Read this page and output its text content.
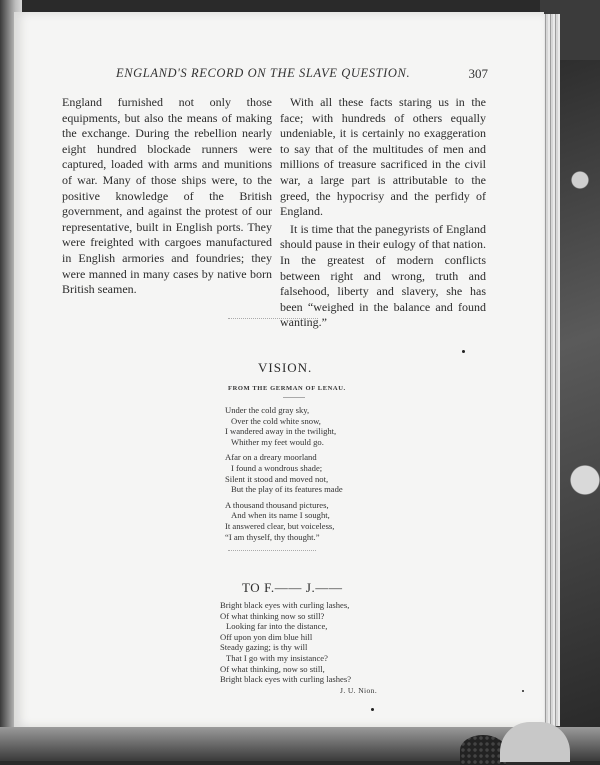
ENGLAND'S RECORD ON THE SLAVE QUESTION.	307

England furnished not only those equipments, but also the means of making the exchange. During the rebellion nearly eight hundred blockade runners were captured, loaded with arms and munitions of war. Many of those ships were, to the positive knowledge of the British government, and against the protest of our representative, built in English ports. They were freighted with cargoes manufactured in English armories and foundries; they were manned in many cases by native born British seamen.

With all these facts staring us in the face; with hundreds of others equally undeniable, it is certainly no exaggeration to say that of the multitudes of men and millions of treasure sacrificed in the civil war, a large part is attributable to the greed, the hypocrisy and the perfidy of England.

It is time that the panegyrists of England should pause in their eulogy of that nation. In the greatest of modern conflicts between right and wrong, truth and falsehood, liberty and slavery, she has been “weighed in the balance and found wanting.”

VISION.
FROM THE GERMAN OF LENAU.
Under the cold gray sky,
Over the cold white snow,
I wandered away in the twilight,
Whither my feet would go.
Afar on a dreary moorland
I found a wondrous shade;
Silent it stood and moved not,
But the play of its features made
A thousand thousand pictures,
And when its name I sought,
It answered clear, but voiceless,
“I am thyself, thy thought.”
TO F.—— J.——
Bright black eyes with curling lashes,
Of what thinking now so still?
Looking far into the distance,
Off upon yon dim blue hill
Steady gazing; is thy will
That I go with my insistance?
Of what thinking, now so still,
Bright black eyes with curling lashes?
J. U. Nion.
